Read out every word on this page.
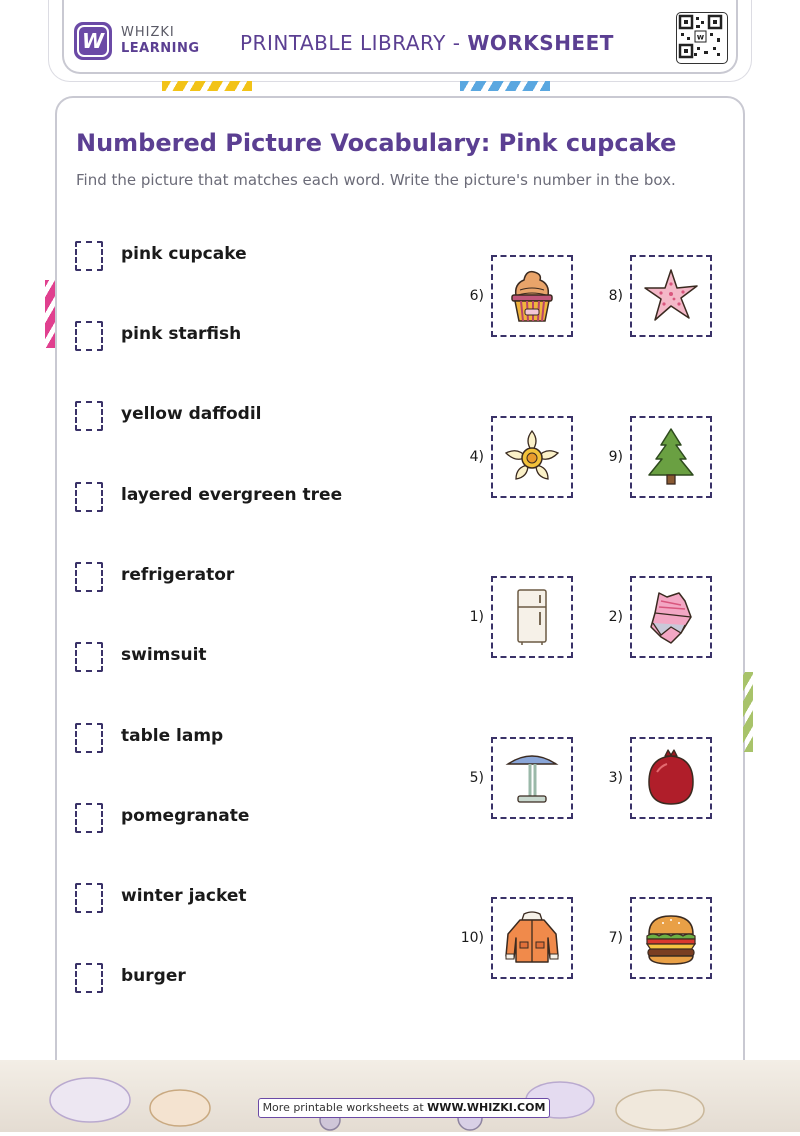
W	WHIZKI
LEARNING PRINTABLE LIBRARY - WORKSHEET	w
Numbered Picture Vocabulary: Pink cupcake
Find the picture that matches each word. Write the picture's number in the box.
pink cupcake
pink starfish
yellow daffodil
layered evergreen tree
refrigerator
swimsuit
table lamp
pomegranate
winter jacket
burger
6)	8)
4)	9)
1)	2)
5)	3)
10)	7)
More printable worksheets at WWW.WHIZKI.COM
